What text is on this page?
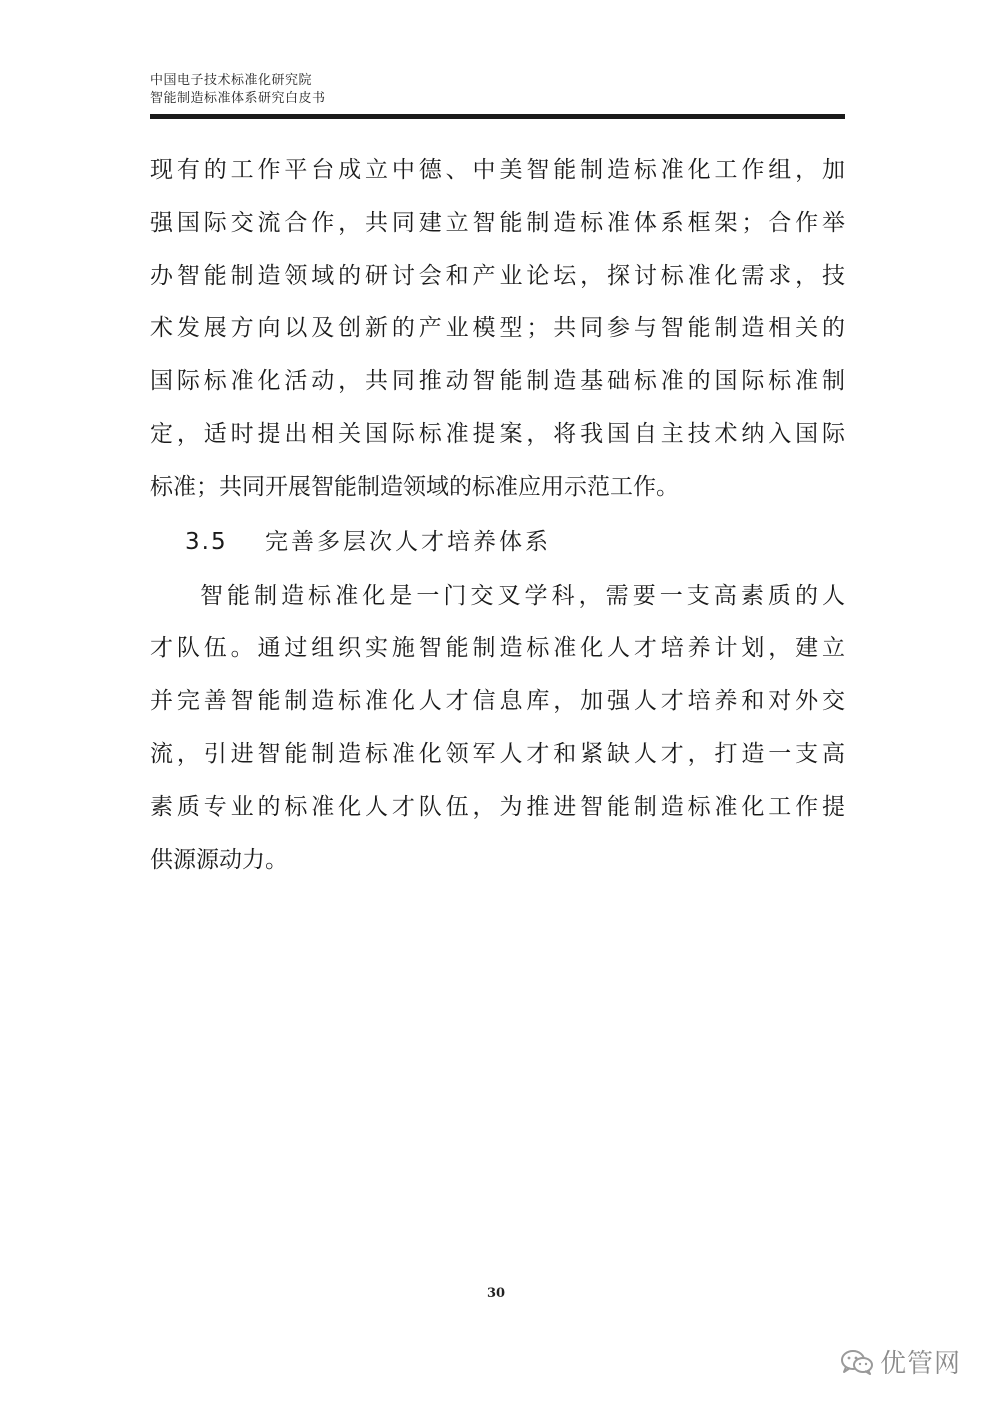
中国电子技术标准化研究院
智能制造标准体系研究白皮书
现有的工作平台成立中德、中美智能制造标准化工作组，加
强国际交流合作，共同建立智能制造标准体系框架；合作举
办智能制造领域的研讨会和产业论坛，探讨标准化需求，技
术发展方向以及创新的产业模型；共同参与智能制造相关的
国际标准化活动，共同推动智能制造基础标准的国际标准制
定，适时提出相关国际标准提案，将我国自主技术纳入国际
标准；共同开展智能制造领域的标准应用示范工作。
3.5 完善多层次人才培养体系
智能制造标准化是一门交叉学科，需要一支高素质的人
才队伍。通过组织实施智能制造标准化人才培养计划，建立
并完善智能制造标准化人才信息库，加强人才培养和对外交
流，引进智能制造标准化领军人才和紧缺人才，打造一支高
素质专业的标准化人才队伍，为推进智能制造标准化工作提
供源源动力。
30
优管网
